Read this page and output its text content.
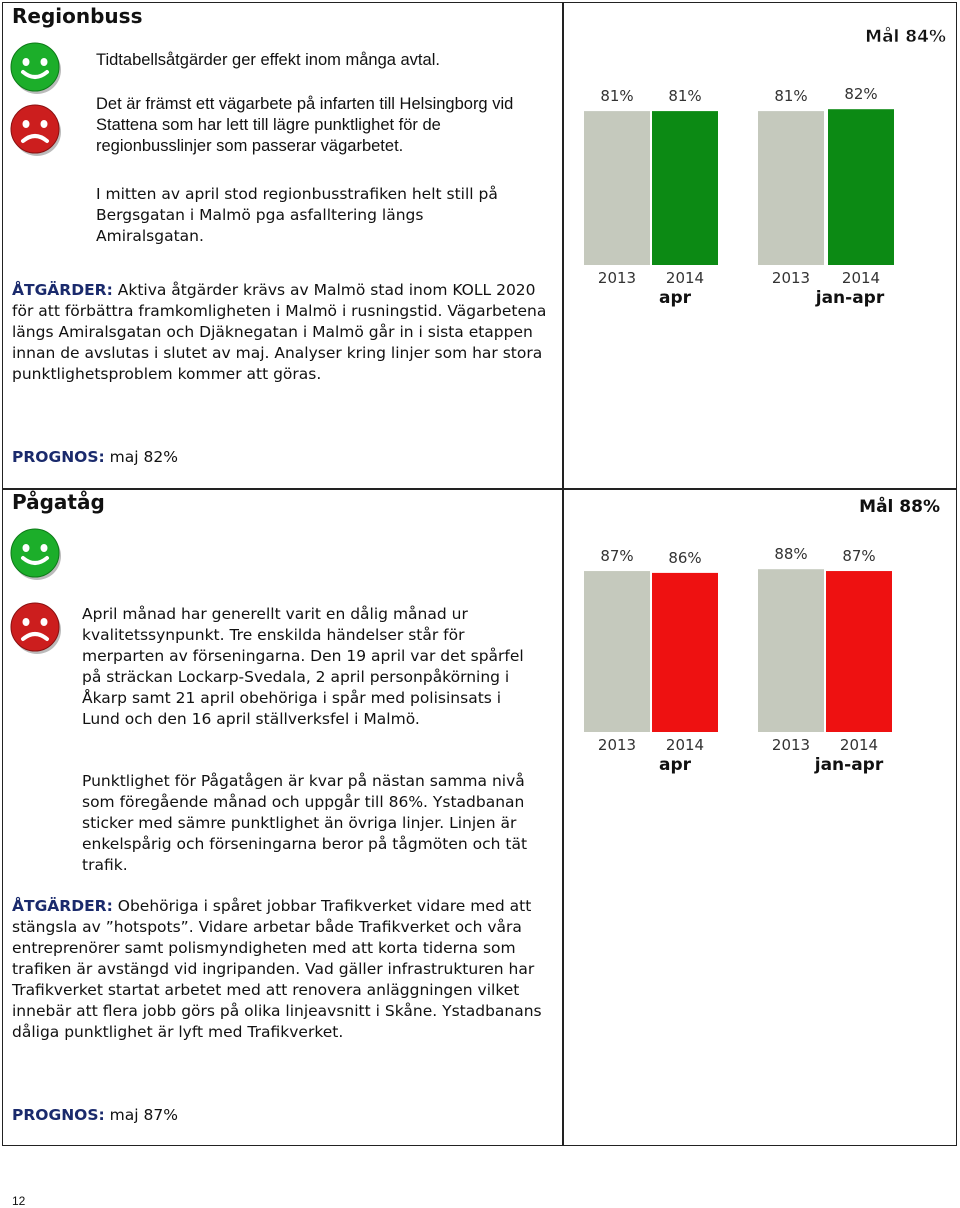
Regionbuss
Tidtabellsåtgärder ger effekt inom många avtal.
Det är främst ett vägarbete på infarten till Helsingborg vid Stattena som har lett till lägre punktlighet för de regionbusslinjer som passerar vägarbetet.
I mitten av april stod regionbusstrafiken helt still på Bergsgatan i Malmö pga asfalltering längs Amiralsgatan.
ÅTGÄRDER: Aktiva åtgärder krävs av Malmö stad inom KOLL 2020 för att förbättra framkomligheten i Malmö i rusningstid. Vägarbetena längs Amiralsgatan och Djäknegatan i Malmö går in i sista etappen innan de avslutas i slutet av maj. Analyser kring linjer som har stora punktlighetsproblem kommer att göras.
PROGNOS: maj 82%
Mål 84%
81%
2013
81%
2014
81%
2013
82%
2014
apr	jan-apr
Pågatåg
April månad har generellt varit en dålig månad ur kvalitetssynpunkt. Tre enskilda händelser står för merparten av förseningarna. Den 19 april var det spårfel på sträckan Lockarp-Svedala, 2 april personpåkörning i Åkarp samt 21 april obehöriga i spår med polisinsats i Lund och den 16 april ställverksfel i Malmö.
Punktlighet för Pågatågen är kvar på nästan samma nivå som föregående månad och uppgår till 86%. Ystadbanan sticker med sämre punktlighet än övriga linjer. Linjen är enkelspårig och förseningarna beror på tågmöten och tät trafik.
ÅTGÄRDER: Obehöriga i spåret jobbar Trafikverket vidare med att stängsla av ”hotspots”. Vidare arbetar både Trafikverket och våra entreprenörer samt polismyndigheten med att korta tiderna som trafiken är avstängd vid ingripanden. Vad gäller infrastrukturen har Trafikverket startat arbetet med att renovera anläggningen vilket innebär att flera jobb görs på olika linjeavsnitt i Skåne. Ystadbanans dåliga punktlighet är lyft med Trafikverket.
PROGNOS: maj 87%
Mål 88%
87%
2013
86%
2014
88%
2013
87%
2014
apr	jan-apr
12
